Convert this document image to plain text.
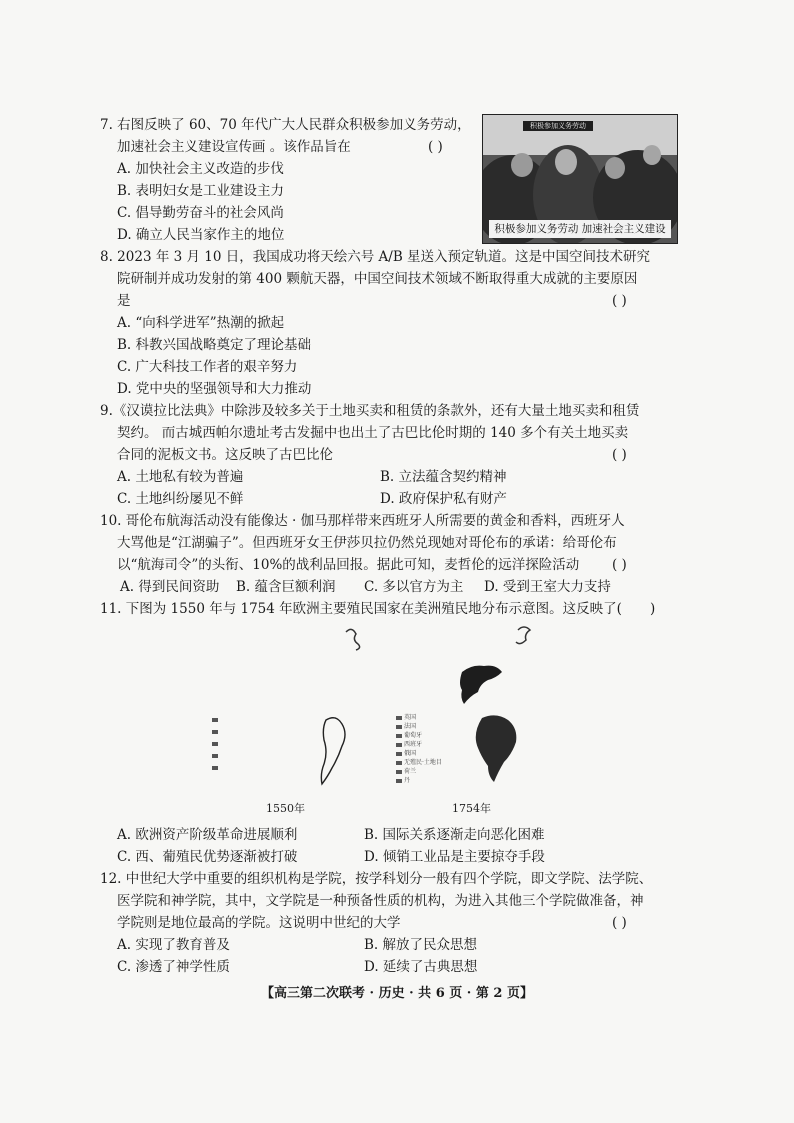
7. 右图反映了 60、70 年代广大人民群众积极参加义务劳动，
加速社会主义建设宣传画 。该作品旨在	( )
A. 加快社会主义改造的步伐
B. 表明妇女是工业建设主力
C. 倡导勤劳奋斗的社会风尚
D. 确立人民当家作主的地位
积极参加义务劳动
积极参加义务劳动 加速社会主义建设
8. 2023 年 3 月 10 日，我国成功将天绘六号 A/B 星送入预定轨道。这是中国空间技术研究
院研制并成功发射的第 400 颗航天器，中国空间技术领域不断取得重大成就的主要原因
是	( )
A. “向科学进军”热潮的掀起
B. 科教兴国战略奠定了理论基础
C. 广大科技工作者的艰辛努力
D. 党中央的坚强领导和大力推动
9.《汉谟拉比法典》中除涉及较多关于土地买卖和租赁的条款外，还有大量土地买卖和租赁
契约。 而古城西帕尔遗址考古发掘中也出土了古巴比伦时期的 140 多个有关土地买卖
合同的泥板文书。这反映了古巴比伦	( )
A. 土地私有较为普遍	B. 立法蕴含契约精神
C. 土地纠纷屡见不鲜	D. 政府保护私有财产
10. 哥伦布航海活动没有能像达 · 伽马那样带来西班牙人所需要的黄金和香料，西班牙人
大骂他是“江湖骗子”。但西班牙女王伊莎贝拉仍然兑现她对哥伦布的承诺：给哥伦布
以“航海司令”的头衔、10%的战利品回报。据此可知，麦哲伦的远洋探险活动 ( )
A. 得到民间资助 B. 蕴含巨额利润 C. 多以官方为主 D. 受到王室大力支持
11. 下图为 1550 年与 1754 年欧洲主要殖民国家在美洲殖民地分布示意图。这反映了( )
英国
法国
葡萄牙
西班牙
俄国
无殖民·土地目
荷兰
丹
1550年	1754年
A. 欧洲资产阶级革命进展顺利	B. 国际关系逐渐走向恶化困难
C. 西、葡殖民优势逐渐被打破	D. 倾销工业品是主要掠夺手段
12. 中世纪大学中重要的组织机构是学院，按学科划分一般有四个学院，即文学院、法学院、
医学院和神学院，其中，文学院是一种预备性质的机构，为进入其他三个学院做准备，神
学院则是地位最高的学院。这说明中世纪的大学	( )
A. 实现了教育普及	B. 解放了民众思想
C. 渗透了神学性质	D. 延续了古典思想
【高三第二次联考 · 历史 · 共 6 页 · 第 2 页】
